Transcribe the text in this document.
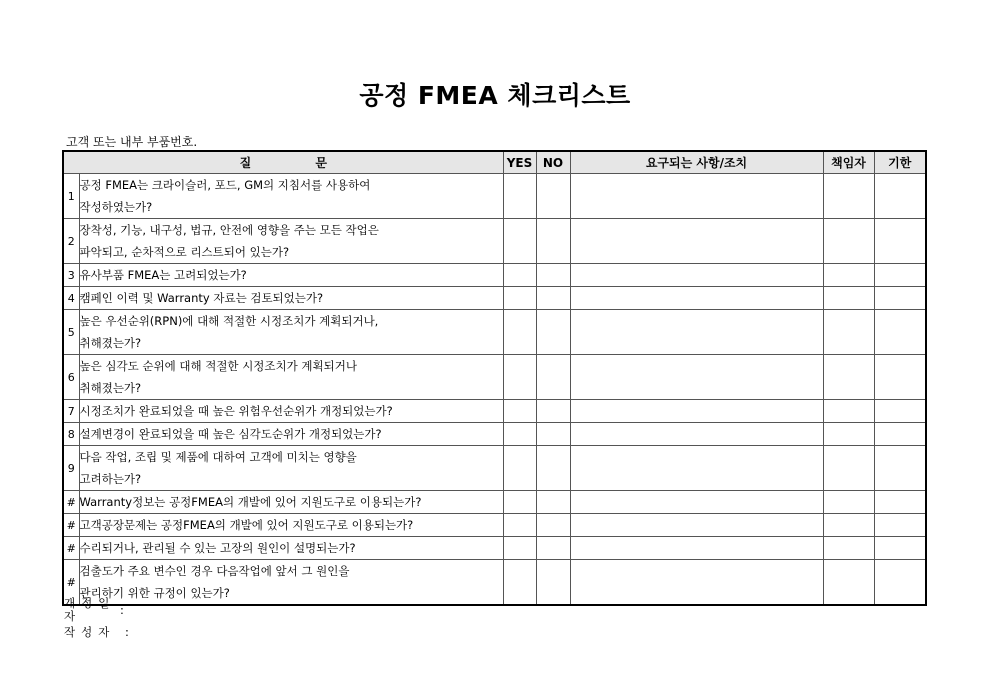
공정 FMEA 체크리스트
고객 또는 내부 부품번호.
질 문		YES	NO	요구되는 사항/조치	책임자	기한
1	공정 FMEA는 크라이슬러, 포드, GM의 지침서를 사용하여
작성하였는가?					

2	장착성, 기능, 내구성, 법규, 안전에 영향을 주는 모든 작업은
파악되고, 순차적으로 리스트되어 있는가?					

3	유사부품 FMEA는 고려되었는가?					

4	캠페인 이력 및 Warranty 자료는 검토되었는가?					

5	높은 우선순위(RPN)에 대해 적절한 시정조치가 계획되거나,
취해졌는가?					

6	높은 심각도 순위에 대해 적절한 시정조치가 계획되거나
취해졌는가?					

7	시정조치가 완료되었을 때 높은 위험우선순위가 개정되었는가?					

8	설계변경이 완료되었을 때 높은 심각도순위가 개정되었는가?					

9	다음 작업, 조립 및 제품에 대하여 고객에 미치는 영향을
고려하는가?					

#	Warranty정보는 공정FMEA의 개발에 있어 지원도구로 이용되는가?					

#	고객공장문제는 공정FMEA의 개발에 있어 지원도구로 이용되는가?					

#	수리되거나, 관리될 수 있는 고장의 원인이 설명되는가?					

#	검출도가 주요 변수인 경우 다음작업에 앞서 그 원인을
관리하기 위한 규정이 있는가?					

개정일자	:
작성자 :
